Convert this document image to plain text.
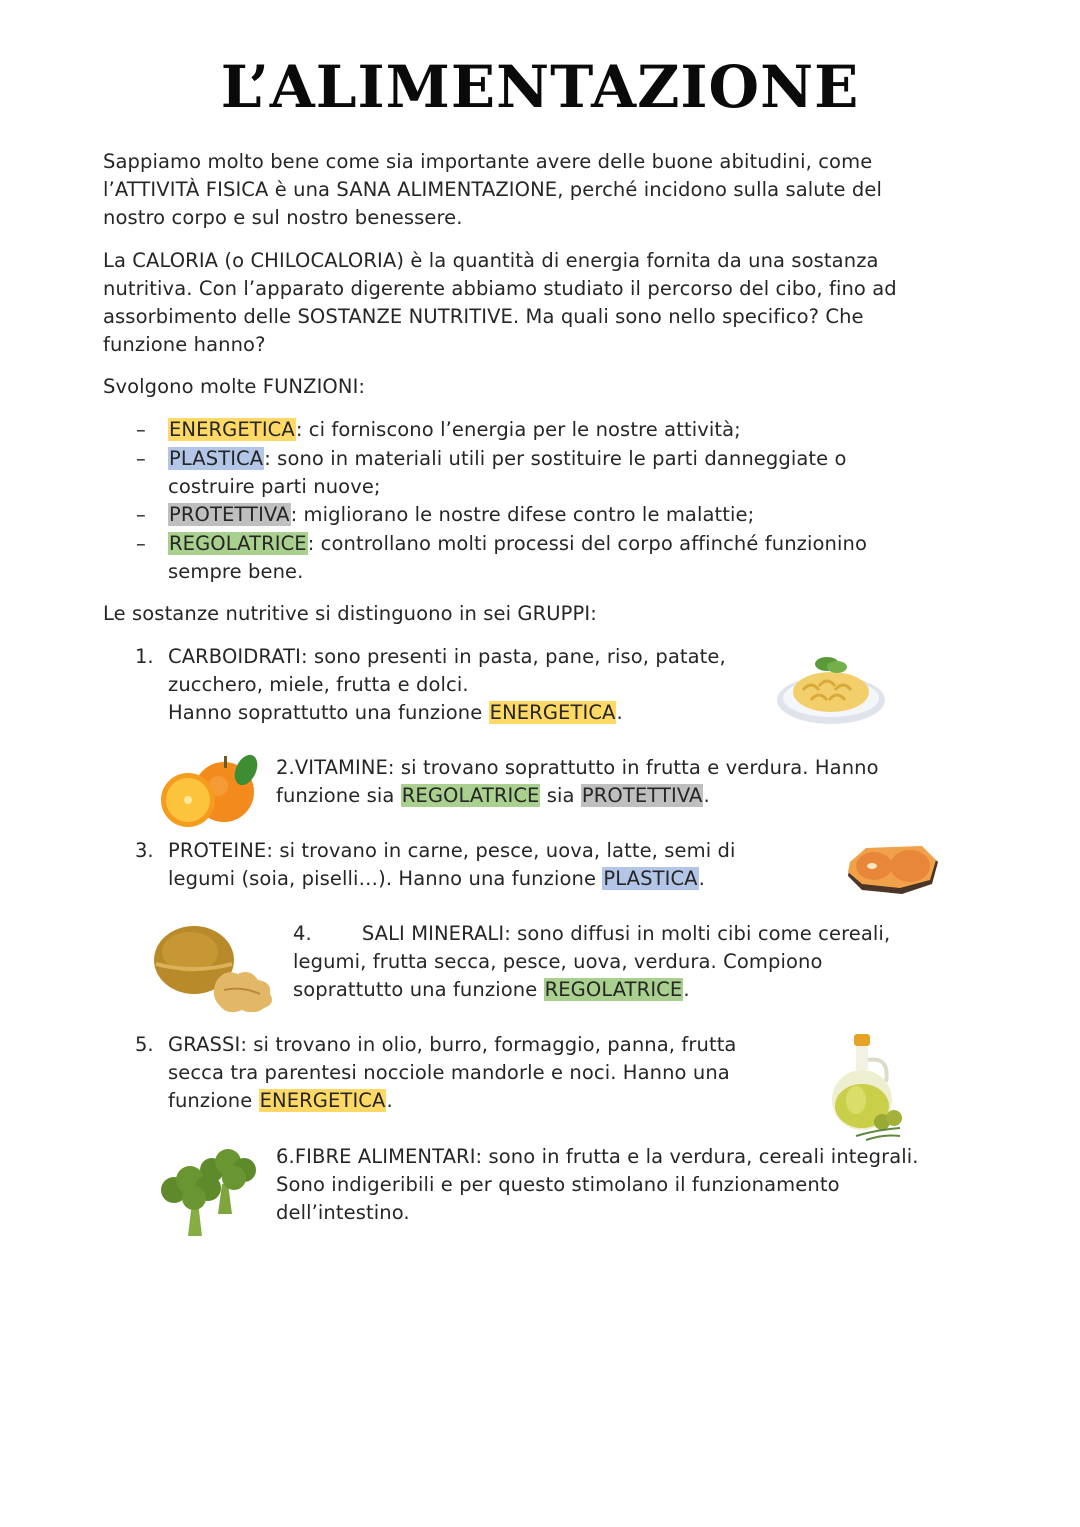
L’ALIMENTAZIONE
Sappiamo molto bene come sia importante avere delle buone abitudini, come
l’ATTIVITÀ FISICA è una SANA ALIMENTAZIONE, perché incidono sulla salute del
nostro corpo e sul nostro benessere.
La CALORIA (o CHILOCALORIA) è la quantità di energia fornita da una sostanza
nutritiva. Con l’apparato digerente abbiamo studiato il percorso del cibo, fino ad
assorbimento delle SOSTANZE NUTRITIVE. Ma quali sono nello specifico? Che
funzione hanno?
Svolgono molte FUNZIONI:
– ENERGETICA: ci forniscono l’energia per le nostre attività;
– PLASTICA: sono in materiali utili per sostituire le parti danneggiate o
costruire parti nuove;
– PROTETTIVA: migliorano le nostre difese contro le malattie;
– REGOLATRICE: controllano molti processi del corpo affinché funzionino
sempre bene.
Le sostanze nutritive si distinguono in sei GRUPPI:
1. CARBOIDRATI: sono presenti in pasta, pane, riso, patate,
zucchero, miele, frutta e dolci.
Hanno soprattutto una funzione ENERGETICA.
2.VITAMINE: si trovano soprattutto in frutta e verdura. Hanno
funzione sia REGOLATRICE sia PROTETTIVA.
3. PROTEINE: si trovano in carne, pesce, uova, latte, semi di
legumi (soia, piselli…). Hanno una funzione PLASTICA.
4.	SALI MINERALI: sono diffusi in molti cibi come cereali,
legumi, frutta secca, pesce, uova, verdura. Compiono
soprattutto una funzione REGOLATRICE.
5. GRASSI: si trovano in olio, burro, formaggio, panna, frutta
secca tra parentesi nocciole mandorle e noci. Hanno una
funzione ENERGETICA.
6.FIBRE ALIMENTARI: sono in frutta e la verdura, cereali integrali.
Sono indigeribili e per questo stimolano il funzionamento
dell’intestino.
